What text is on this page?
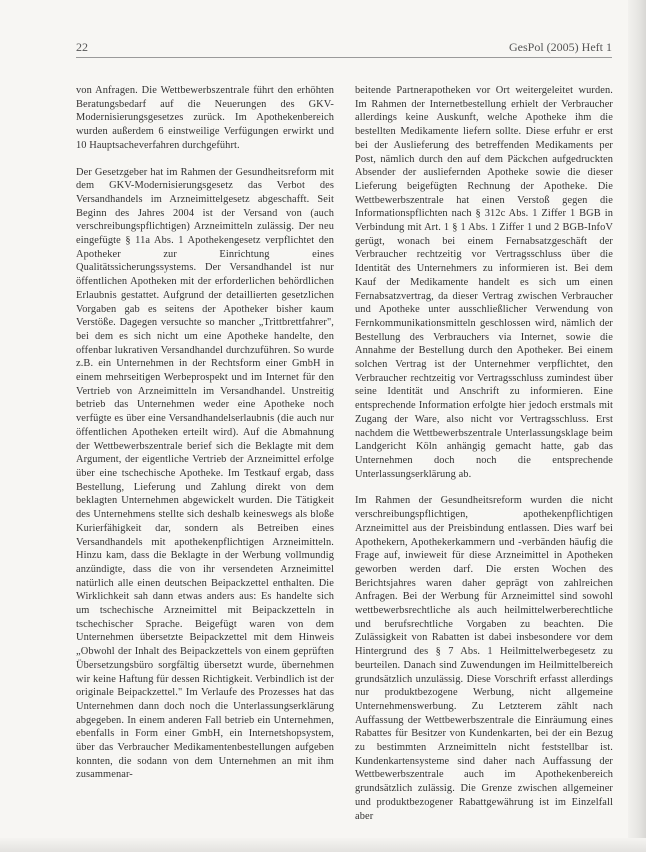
22	GesPol (2005) Heft 1

von Anfragen. Die Wettbewerbszentrale führt den erhöhten Beratungsbedarf auf die Neuerungen des GKV-Modernisierungsgesetzes zurück. Im Apothekenbereich wurden außerdem 6 einstweilige Verfügungen erwirkt und 10 Hauptsacheverfahren durchgeführt.

Der Gesetzgeber hat im Rahmen der Gesundheitsreform mit dem GKV-Modernisierungsgesetz das Verbot des Versandhandels im Arzneimittelgesetz abgeschafft. Seit Beginn des Jahres 2004 ist der Versand von (auch verschreibungspflichtigen) Arzneimitteln zulässig. Der neu eingefügte § 11a Abs. 1 Apothekengesetz verpflichtet den Apotheker zur Einrichtung eines Qualitätssicherungssystems. Der Versandhandel ist nur öffentlichen Apotheken mit der erforderlichen behördlichen Erlaubnis gestattet. Aufgrund der detaillierten gesetzlichen Vorgaben gab es seitens der Apotheker bisher kaum Verstöße. Dagegen versuchte so mancher „Trittbrettfahrer", bei dem es sich nicht um eine Apotheke handelte, den offenbar lukrativen Versandhandel durchzuführen. So wurde z.B. ein Unternehmen in der Rechtsform einer GmbH in einem mehrseitigen Werbeprospekt und im Internet für den Vertrieb von Arzneimitteln im Versandhandel. Unstreitig betrieb das Unternehmen weder eine Apotheke noch verfügte es über eine Versandhandelserlaubnis (die auch nur öffentlichen Apotheken erteilt wird). Auf die Abmahnung der Wettbewerbszentrale berief sich die Beklagte mit dem Argument, der eigentliche Vertrieb der Arzneimittel erfolge über eine tschechische Apotheke. Im Testkauf ergab, dass Bestellung, Lieferung und Zahlung direkt von dem beklagten Unternehmen abgewickelt wurden. Die Tätigkeit des Unternehmens stellte sich deshalb keineswegs als bloße Kurierfähigkeit dar, sondern als Betreiben eines Versandhandels mit apothekenpflichtigen Arzneimitteln. Hinzu kam, dass die Beklagte in der Werbung vollmundig anzündigte, dass die von ihr versendeten Arzneimittel natürlich alle einen deutschen Beipackzettel enthalten. Die Wirklichkeit sah dann etwas anders aus: Es handelte sich um tschechische Arzneimittel mit Beipackzetteln in tschechischer Sprache. Beigefügt waren von dem Unternehmen übersetzte Beipackzettel mit dem Hinweis „Obwohl der Inhalt des Beipackzettels von einem geprüften Übersetzungsbüro sorgfältig übersetzt wurde, übernehmen wir keine Haftung für dessen Richtigkeit. Verbindlich ist der originale Beipackzettel." Im Verlaufe des Prozesses hat das Unternehmen dann doch noch die Unterlassungserklärung abgegeben. In einem anderen Fall betrieb ein Unternehmen, ebenfalls in Form einer GmbH, ein Internetshopsystem, über das Verbraucher Medikamentenbestellungen aufgeben konnten, die sodann von dem Unternehmen an mit ihm zusammenar-

beitende Partnerapotheken vor Ort weitergeleitet wurden. Im Rahmen der Internetbestellung erhielt der Verbraucher allerdings keine Auskunft, welche Apotheke ihm die bestellten Medikamente liefern sollte. Diese erfuhr er erst bei der Auslieferung des betreffenden Medikaments per Post, nämlich durch den auf dem Päckchen aufgedruckten Absender der ausliefernden Apotheke sowie die dieser Lieferung beigefügten Rechnung der Apotheke. Die Wettbewerbszentrale hat einen Verstoß gegen die Informationspflichten nach § 312c Abs. 1 Ziffer 1 BGB in Verbindung mit Art. 1 § 1 Abs. 1 Ziffer 1 und 2 BGB-InfoV gerügt, wonach bei einem Fernabsatzgeschäft der Verbraucher rechtzeitig vor Vertragsschluss über die Identität des Unternehmers zu informieren ist. Bei dem Kauf der Medikamente handelt es sich um einen Fernabsatzvertrag, da dieser Vertrag zwischen Verbraucher und Apotheke unter ausschließlicher Verwendung von Fernkommunikationsmitteln geschlossen wird, nämlich der Bestellung des Verbrauchers via Internet, sowie die Annahme der Bestellung durch den Apotheker. Bei einem solchen Vertrag ist der Unternehmer verpflichtet, den Verbraucher rechtzeitig vor Vertragsschluss zumindest über seine Identität und Anschrift zu informieren. Eine entsprechende Information erfolgte hier jedoch erstmals mit Zugang der Ware, also nicht vor Vertragsschluss. Erst nachdem die Wettbewerbszentrale Unterlassungsklage beim Landgericht Köln anhängig gemacht hatte, gab das Unternehmen doch noch die entsprechende Unterlassungserklärung ab.

Im Rahmen der Gesundheitsreform wurden die nicht verschreibungspflichtigen, apothekenpflichtigen Arzneimittel aus der Preisbindung entlassen. Dies warf bei Apothekern, Apothekerkammern und -verbänden häufig die Frage auf, inwieweit für diese Arzneimittel in Apotheken geworben werden darf. Die ersten Wochen des Berichtsjahres waren daher geprägt von zahlreichen Anfragen. Bei der Werbung für Arzneimittel sind sowohl wettbewerbsrechtliche als auch heilmittelwerberechtliche und berufsrechtliche Vorgaben zu beachten. Die Zulässigkeit von Rabatten ist dabei insbesondere vor dem Hintergrund des § 7 Abs. 1 Heilmittelwerbegesetz zu beurteilen. Danach sind Zuwendungen im Heilmittelbereich grundsätzlich unzulässig. Diese Vorschrift erfasst allerdings nur produktbezogene Werbung, nicht allgemeine Unternehmenswerbung. Zu Letzterem zählt nach Auffassung der Wettbewerbszentrale die Einräumung eines Rabattes für Besitzer von Kundenkarten, bei der ein Bezug zu bestimmten Arzneimitteln nicht feststellbar ist. Kundenkartensysteme sind daher nach Auffassung der Wettbewerbszentrale auch im Apothekenbereich grundsätzlich zulässig. Die Grenze zwischen allgemeiner und produktbezogener Rabattgewährung ist im Einzelfall aber
